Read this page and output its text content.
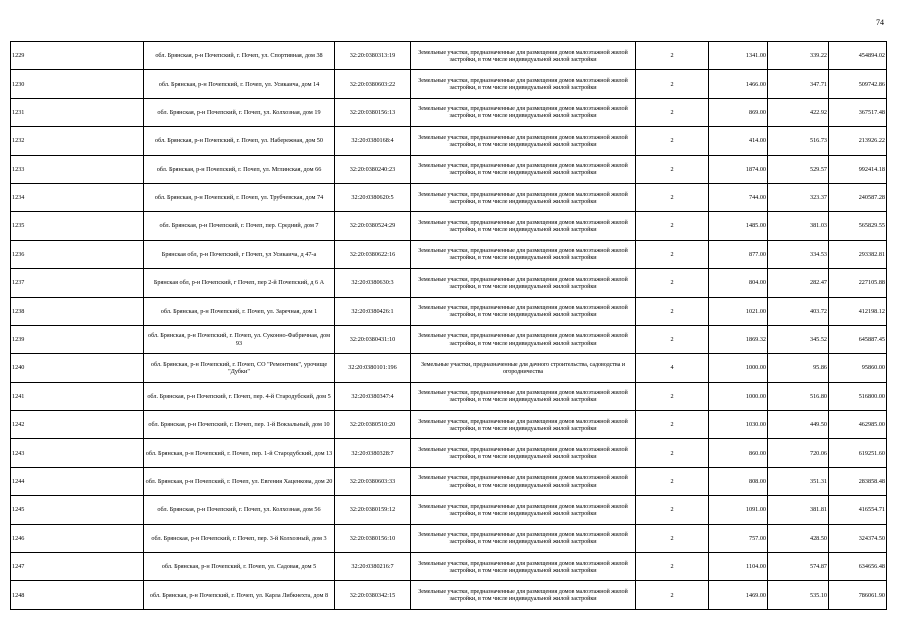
74
1229	обл. Брянская, р-н Почепский, г. Почеп, ул. Спортивная, дом 38	32:20:0380313:19	Земельные участки, предназначенные для размещения домов малоэтажной жилой застройки, в том числе индивидуальной жилой застройки	2	1341.00	339.22	454894.02
1230	обл. Брянская, р-н Почепский, г. Почеп, ул. Усикаича, дом 14	32:20:0380603:22	Земельные участки, предназначенные для размещения домов малоэтажной жилой застройки, в том числе индивидуальной жилой застройки	2	1466.00	347.71	509742.86
1231	обл. Брянская, р-н Почепский, г. Почеп, ул. Колхозная, дом 19	32:20:0380156:13	Земельные участки, предназначенные для размещения домов малоэтажной жилой застройки, в том числе индивидуальной жилой застройки	2	869.00	422.92	367517.48
1232	обл. Брянская, р-н Почепский, г. Почеп, ул. Набережная, дом 50	32:20:0380168:4	Земельные участки, предназначенные для размещения домов малоэтажной жилой застройки, в том числе индивидуальной жилой застройки	2	414.00	516.73	213926.22
1233	обл. Брянская, р-н Почепский, г. Почеп, ул. Мглинская, дом 66	32:20:0380240:23	Земельные участки, предназначенные для размещения домов малоэтажной жилой застройки, в том числе индивидуальной жилой застройки	2	1874.00	529.57	992414.18
1234	обл. Брянская, р-н Почепский, г. Почеп, ул. Трубчевская, дом 74	32:20:0380620:5	Земельные участки, предназначенные для размещения домов малоэтажной жилой застройки, в том числе индивидуальной жилой застройки	2	744.00	323.37	240587.28
1235	обл. Брянская, р-н Почепский, г. Почеп, пер. Средний, дом 7	32:20:0380524:29	Земельные участки, предназначенные для размещения домов малоэтажной жилой застройки, в том числе индивидуальной жилой застройки	2	1485.00	381.03	565829.55
1236	Брянская обл, р-н Почепский, г Почеп, ул Усикаича, д 47-а	32:20:0380622:16	Земельные участки, предназначенные для размещения домов малоэтажной жилой застройки, в том числе индивидуальной жилой застройки	2	877.00	334.53	293382.81
1237	Брянская обл, р-н Почепский, г Почеп, пер 2-й Почепский, д 6 А	32:20:0380630:3	Земельные участки, предназначенные для размещения домов малоэтажной жилой застройки, в том числе индивидуальной жилой застройки	2	804.00	282.47	227105.88
1238	обл. Брянская, р-н Почепский, г. Почеп, ул. Заречная, дом 1	32:20:0380426:1	Земельные участки, предназначенные для размещения домов малоэтажной жилой застройки, в том числе индивидуальной жилой застройки	2	1021.00	403.72	412198.12
1239	обл. Брянская, р-н Почепский, г. Почеп, ул. Суконно-Фабричная, дом 93	32:20:0380431:10	Земельные участки, предназначенные для размещения домов малоэтажной жилой застройки, в том числе индивидуальной жилой застройки	2	1869.32	345.52	645887.45
1240	обл. Брянская, р-н Почепский, г. Почеп, СО "Ремонтник", урочище "Дубки"	32:20:0380101:196	Земельные участки, предназначенные для дачного строительства, садоводства и огородничества	4	1000.00	95.86	95860.00
1241	обл. Брянская, р-н Почепский, г. Почеп, пер. 4-й Стародубский, дом 5	32:20:0380347:4	Земельные участки, предназначенные для размещения домов малоэтажной жилой застройки, в том числе индивидуальной жилой застройки	2	1000.00	516.80	516800.00
1242	обл. Брянская, р-н Почепский, г. Почеп, пер. 1-й Вокзальный, дом 10	32:20:0380510:20	Земельные участки, предназначенные для размещения домов малоэтажной жилой застройки, в том числе индивидуальной жилой застройки	2	1030.00	449.50	462985.00
1243	обл. Брянская, р-н Почепский, г. Почеп, пер. 1-й Стародубский, дом 13	32:20:0380328:7	Земельные участки, предназначенные для размещения домов малоэтажной жилой застройки, в том числе индивидуальной жилой застройки	2	860.00	720.06	619251.60
1244	обл. Брянская, р-н Почепский, г. Почеп, ул. Евгения Хаценкова, дом 20	32:20:0380603:33	Земельные участки, предназначенные для размещения домов малоэтажной жилой застройки, в том числе индивидуальной жилой застройки	2	808.00	351.31	283858.48
1245	обл. Брянская, р-н Почепский, г. Почеп, ул. Колхозная, дом 56	32:20:0380159:12	Земельные участки, предназначенные для размещения домов малоэтажной жилой застройки, в том числе индивидуальной жилой застройки	2	1091.00	381.81	416554.71
1246	обл. Брянская, р-н Почепский, г. Почеп, пер. 3-й Колхозный, дом 3	32:20:0380156:10	Земельные участки, предназначенные для размещения домов малоэтажной жилой застройки, в том числе индивидуальной жилой застройки	2	757.00	428.50	324374.50
1247	обл. Брянская, р-н Почепский, г. Почеп, ул. Садовая, дом 5	32:20:0380216:7	Земельные участки, предназначенные для размещения домов малоэтажной жилой застройки, в том числе индивидуальной жилой застройки	2	1104.00	574.87	634656.48
1248	обл. Брянская, р-н Почепский, г. Почеп, ул. Карла Либкнехта, дом 8	32:20:0380342:15	Земельные участки, предназначенные для размещения домов малоэтажной жилой застройки, в том числе индивидуальной жилой застройки	2	1469.00	535.10	786061.90
